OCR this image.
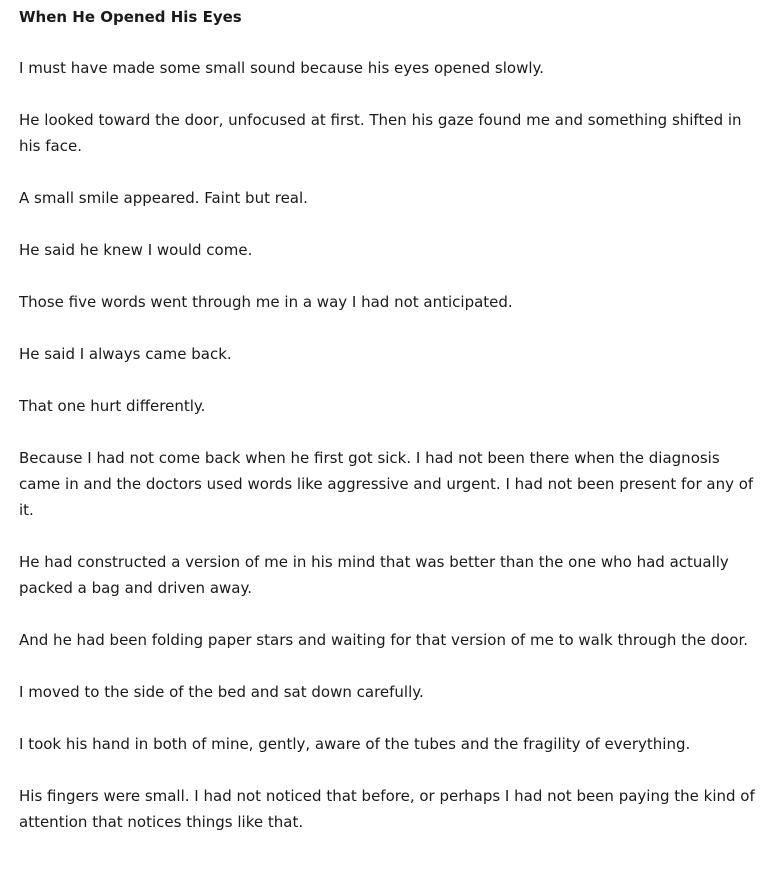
When He Opened His Eyes

I must have made some small sound because his eyes opened slowly.

He looked toward the door, unfocused at first. Then his gaze found me and something shifted in his face.

A small smile appeared. Faint but real.

He said he knew I would come.

Those five words went through me in a way I had not anticipated.

He said I always came back.

That one hurt differently.

Because I had not come back when he first got sick. I had not been there when the diagnosis came in and the doctors used words like aggressive and urgent. I had not been present for any of it.

He had constructed a version of me in his mind that was better than the one who had actually packed a bag and driven away.

And he had been folding paper stars and waiting for that version of me to walk through the door.

I moved to the side of the bed and sat down carefully.

I took his hand in both of mine, gently, aware of the tubes and the fragility of everything.

His fingers were small. I had not noticed that before, or perhaps I had not been paying the kind of attention that notices things like that.
